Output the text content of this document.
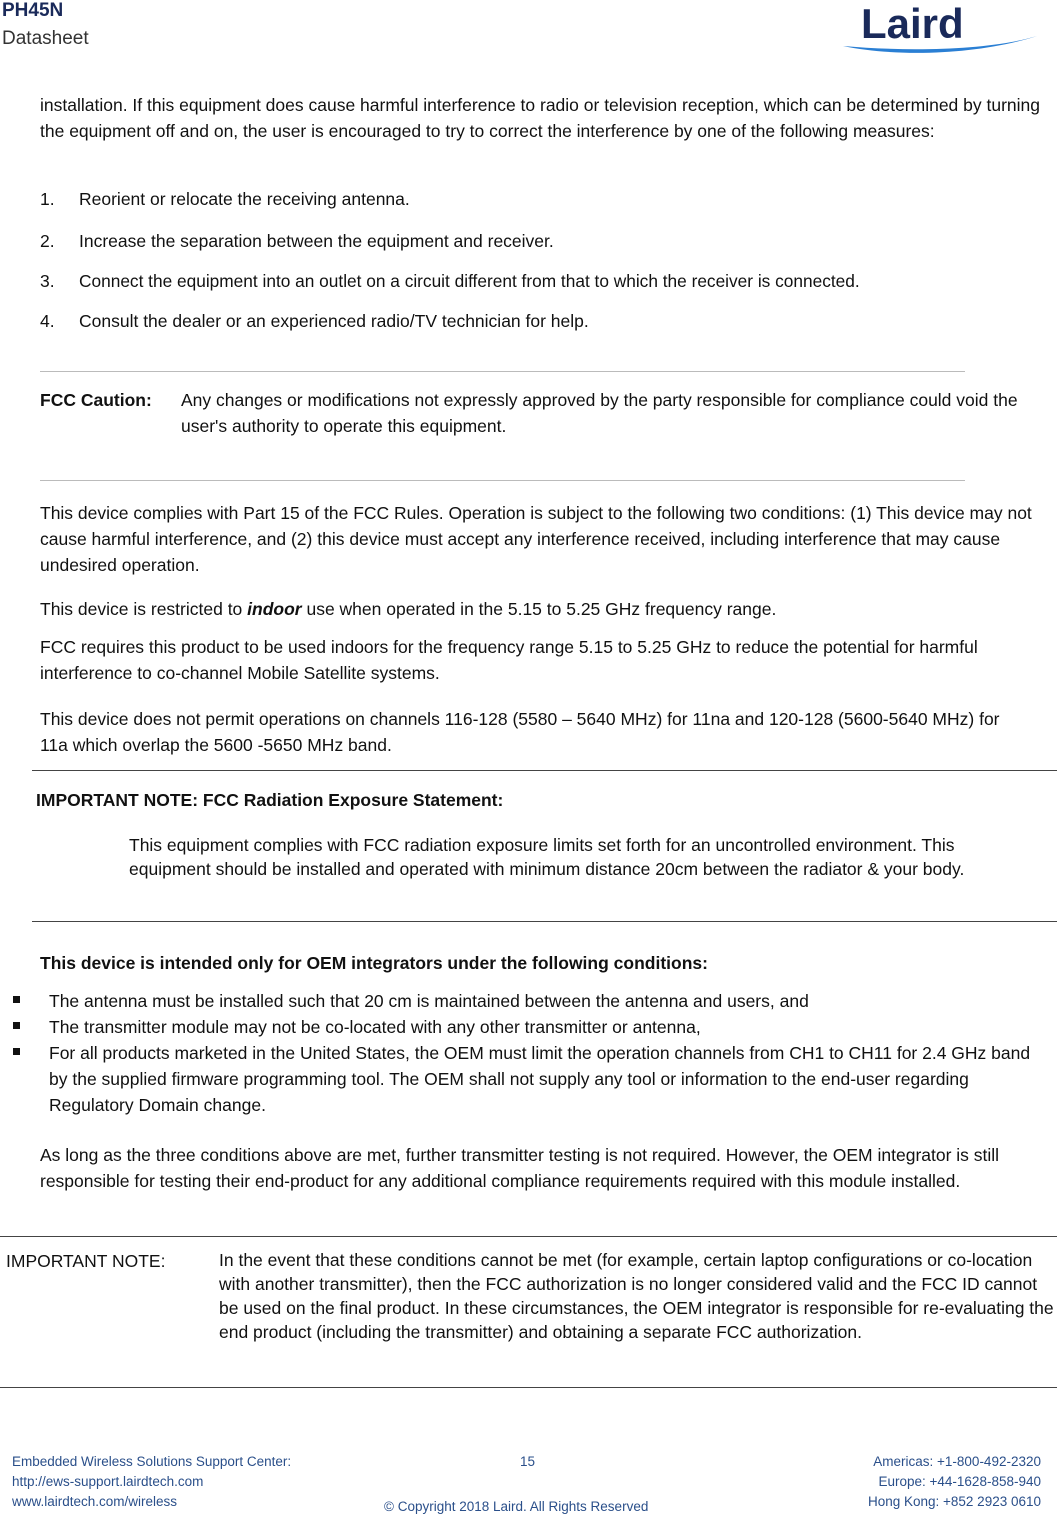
PH45N
Datasheet	Laird
installation. If this equipment does cause harmful interference to radio or television reception, which can be determined by turning the equipment off and on, the user is encouraged to try to correct the interference by one of the following measures:
1. Reorient or relocate the receiving antenna.
2. Increase the separation between the equipment and receiver.
3. Connect the equipment into an outlet on a circuit different from that to which the receiver is connected.
4. Consult the dealer or an experienced radio/TV technician for help.
FCC Caution: Any changes or modifications not expressly approved by the party responsible for compliance could void the user's authority to operate this equipment.
This device complies with Part 15 of the FCC Rules. Operation is subject to the following two conditions: (1) This device may not cause harmful interference, and (2) this device must accept any interference received, including interference that may cause undesired operation.
This device is restricted to indoor use when operated in the 5.15 to 5.25 GHz frequency range.
FCC requires this product to be used indoors for the frequency range 5.15 to 5.25 GHz to reduce the potential for harmful interference to co-channel Mobile Satellite systems.
This device does not permit operations on channels 116-128 (5580 – 5640 MHz) for 11na and 120-128 (5600-5640 MHz) for 11a which overlap the 5600 -5650 MHz band.
IMPORTANT NOTE: FCC Radiation Exposure Statement:
This equipment complies with FCC radiation exposure limits set forth for an uncontrolled environment. This equipment should be installed and operated with minimum distance 20cm between the radiator & your body.
This device is intended only for OEM integrators under the following conditions:
The antenna must be installed such that 20 cm is maintained between the antenna and users, and
The transmitter module may not be co-located with any other transmitter or antenna,
For all products marketed in the United States, the OEM must limit the operation channels from CH1 to CH11 for 2.4 GHz band by the supplied firmware programming tool. The OEM shall not supply any tool or information to the end-user regarding Regulatory Domain change.
As long as the three conditions above are met, further transmitter testing is not required. However, the OEM integrator is still responsible for testing their end-product for any additional compliance requirements required with this module installed.
IMPORTANT NOTE:	In the event that these conditions cannot be met (for example, certain laptop configurations or co-location with another transmitter), then the FCC authorization is no longer considered valid and the FCC ID cannot be used on the final product. In these circumstances, the OEM integrator is responsible for re-evaluating the end product (including the transmitter) and obtaining a separate FCC authorization.
Embedded Wireless Solutions Support Center:
http://ews-support.lairdtech.com
www.lairdtech.com/wireless
15
© Copyright 2018 Laird. All Rights Reserved
Americas: +1-800-492-2320
Europe: +44-1628-858-940
Hong Kong: +852 2923 0610
